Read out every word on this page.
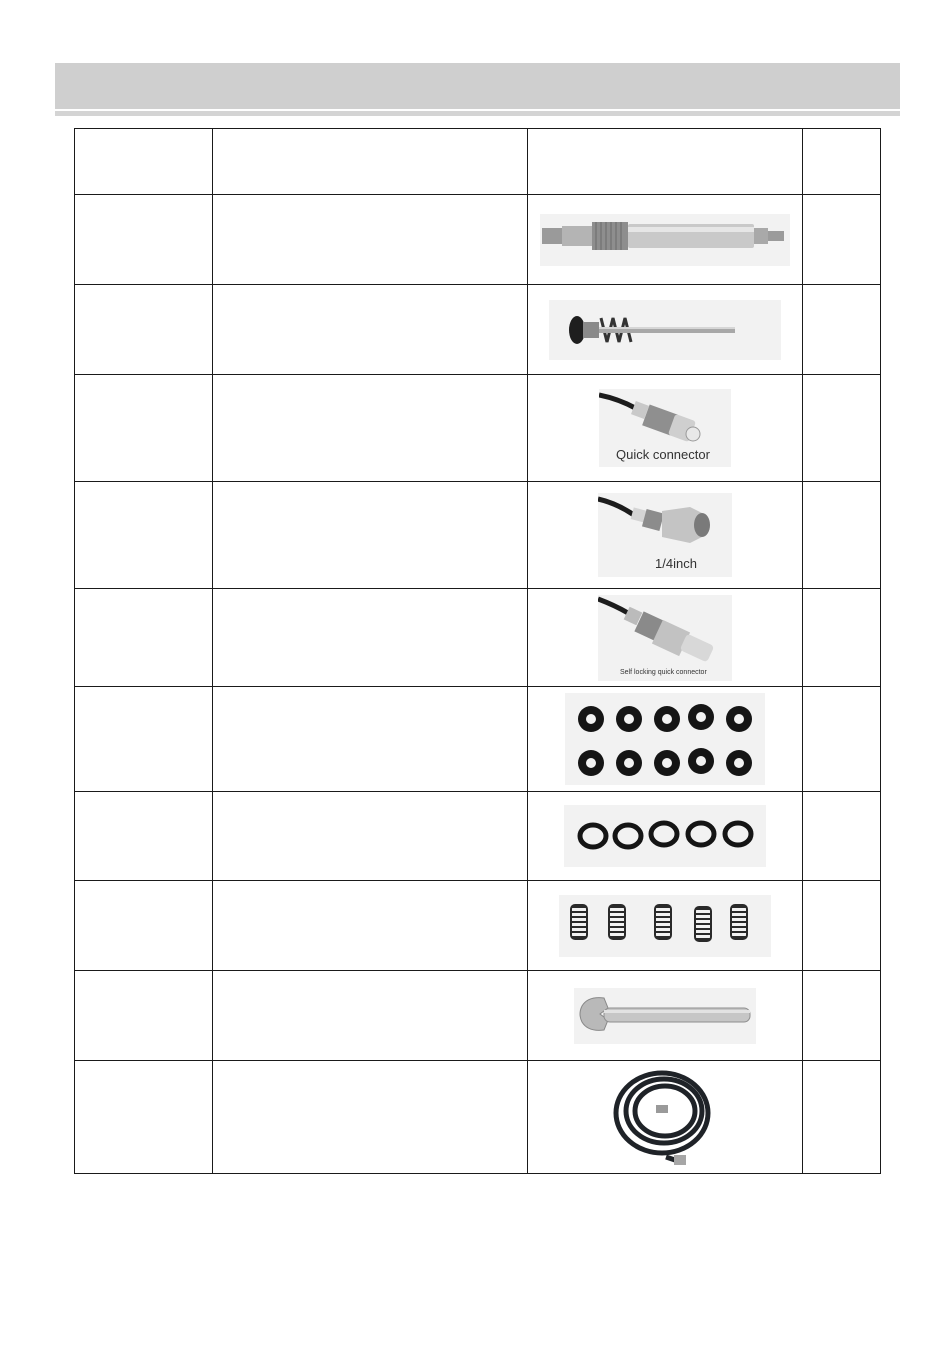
		Quick connector	

		1/4inch	

		Self locking quick connector	
